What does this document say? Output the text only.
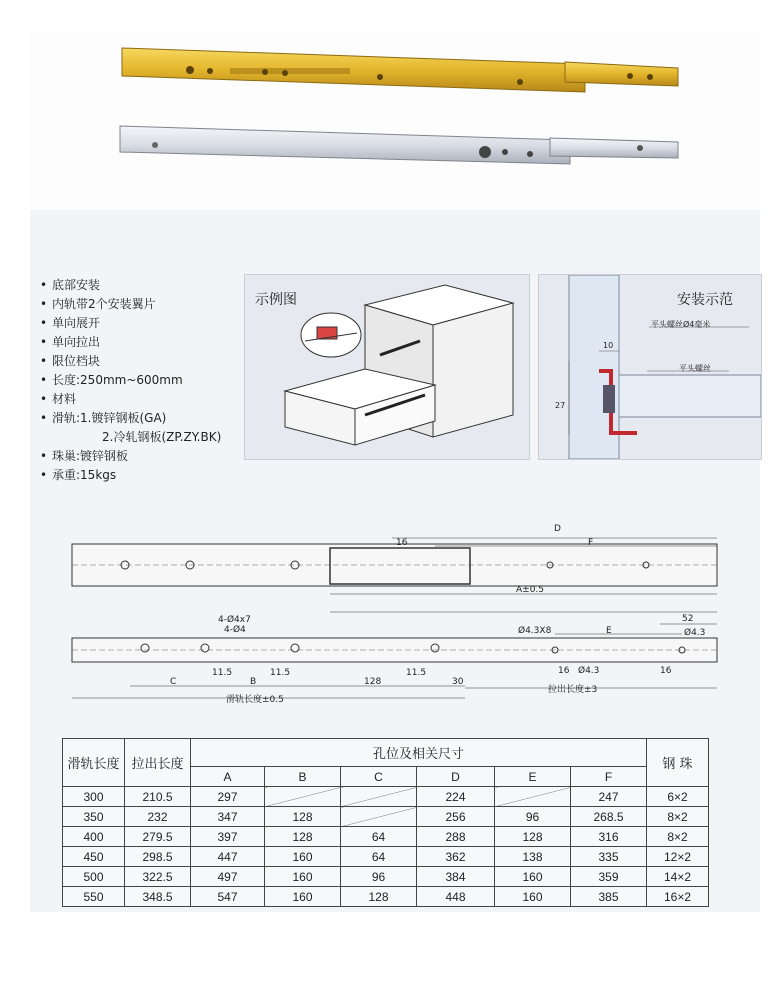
• 底部安装
• 内轨带2个安装翼片
• 单向展开
• 单向拉出
• 限位档块
• 长度:250mm~600mm
• 材料
• 滑轨:1.镀锌钢板(GA)
2.冷轧钢板(ZP.ZY.BK)
• 珠巢:镀锌钢板
• 承重:15kgs
示例图	安装示范
平头螺丝Ø4毫米
平头螺丝
10
27
D
F
16
A±0.5
4-Ø4x7
4-Ø4
11.5	11.5	11.5
C	B	128	30
滑轨长度±0.5
Ø4.3X8	E
52
Ø4.3
16 Ø4.3	16
拉出长度±3
滑轨长度	拉出长度	孔位及相关尺寸						钢 珠
		A	B	C	D	E	F	
300	210.5	297			224		247	6×2
350	232	347	128		256	96	268.5	8×2
400	279.5	397	128	64	288	128	316	8×2
450	298.5	447	160	64	362	138	335	12×2
500	322.5	497	160	96	384	160	359	14×2
550	348.5	547	160	128	448	160	385	16×2
